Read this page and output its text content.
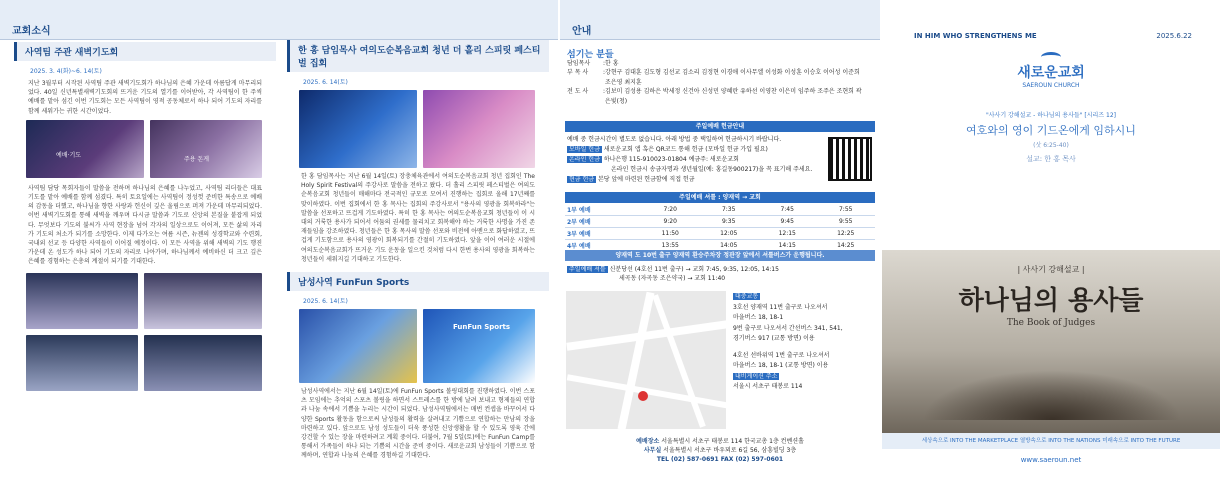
교회소식	안내
사역팀 주관 새벽기도회
2025. 3. 4(화)~6. 14(토)
지난 3월부터 시작된 사역팀 주관 새벽기도회가 하나님의 은혜 가운데 아름답게 마무리되었다. 40일 신년특별새벽기도회의 뜨거운 기도의 열기를 이어받아, 각 사역팀이 한 주씩 예배를 맡아 섬긴 이번 기도회는 모든 사역팀이 영적 공동체로서 하나 되어 기도의 자리를 함께 세워가는 귀한 시간이었다.
예배·기도
주용 돈게
사역팀 담당 목회자들이 말씀을 전하며 하나님의 은혜를 나누었고, 사역팀 리더들은 대표기도를 맡아 예배를 함께 섬겼다. 특히 토요일에는 사역팀이 정성껏 준비한 특송으로 예배의 감동을 더했고, 하나님을 향한 사랑과 헌신이 깊은 울림으로 퍼져 가운데 마무리되었다. 이번 새벽기도회를 통해 새벽을 깨우며 다시금 말씀과 기도로 신앙의 본질을 붙잡게 되었다. 무엇보다 기도의 불씨가 사역 현장을 넘어 각자의 일상으로도 이어져, 모든 삶의 자리가 기도의 처소가 되기를 소망한다. 이제 다가오는 여름 시즌, 뉴젠의 성경학교와 수련회, 국내외 선교 등 다양한 사역들이 이어질 예정이다. 이 모든 사역을 위해 새벽의 기도 행진 가운데 온 성도가 하나 되어 기도의 자리로 나아가며, 하나님께서 예비하신 더 크고 깊은 은혜를 경험하는 은총의 계절이 되기를 기대한다.
한 홍 담임목사 여의도순복음교회 청년 더 홀리 스피릿 페스티벌 집회
2025. 6. 14(토)
한 홍 담임목사는 지난 6월 14일(토) 장충체육관에서 여의도순복음교회 청년 집회인 The Holy Spirit Festival의 주강사로 말씀을 전하고 왔다. 더 홀리 스피릿 페스티벌은 여의도순복음교회 청년들이 매해마다 전국적인 규모로 모여서 진행하는 집회로 올해 17년째를 맞이하였다. 이번 집회에서 한 홍 목사는 집회의 주강사로서 "용사의 영광을 회복하라"는 말씀을 선포하고 뜨겁게 기도하였다. 특히 한 홍 목사는 여의도순복음교회 청년들이 이 시대의 거룩한 용사가 되어서 어둠의 권세를 물리치고 회복해야 하는 거룩한 사명을 가진 존재들임을 강조하였다. 청년들은 한 홍 목사의 말씀 선포와 비전에 아멘으로 화답하였고, 뜨겁게 기도함으로 용사의 영광이 회복되기를 간절히 기도하였다. 앞을 이어 여러운 시절에 여의도순복음교회가 뜨거운 기도 운동을 일으킨 것처럼 다시 한번 용사의 영광을 회복하는 청년들이 세워지길 기대하고 기도한다.
남성사역 FunFun Sports
2025. 6. 14(토)
FunFun Sports
남성사역에서는 지난 6월 14일(토)에 FunFun Sports 볼링대회를 진행하였다. 이번 스포츠 모임에는 추억의 스포츠 볼링을 하면서 스트레스를 한 방에 날려 보내고 형제들의 연합과 나눔 속에서 기쁨을 누리는 시간이 되었다. 남성사역팀에서는 매번 컨셉을 바꾸어서 다양한 Sports 활동을 함으로써 남성들의 활력을 살려내고 기쁨으로 연합하는 만남의 장을 마련하고 있다. 앞으로도 남성 성도들이 더욱 풍성한 신앙생활을 할 수 있도록 영육 간에 강건할 수 있는 장을 마련하려고 계획 중이다. 더불어, 7월 5일(토)에는 FunFun Camp를 통해서 가족들이 하나 되는 기쁨의 시간을 준비 중이다. 새로운교회 남성들이 기쁨으로 함께하며, 연합과 나눔의 은혜를 경험하길 기대한다.
섬기는 분들
담임목사	: 한 홍
부 목 사	: 강현구 김대훈 김도형 김선교 김소리 김정현 이경애 이사무엘 이성화 이성훈 이승호 이어성 이준희 조은영 최지훈
전 도 사	: 김보미 김성용 김하은 박세정 신건아 신성민 양혜란 유하선 이영찬 이은미 임주하 조주은 조현희 곽은빛(청)
주일예배 헌금안내
예배 중 헌금시간이 별도로 없습니다. 아래 방법 중 택일하여 헌금하시기 바랍니다.
모바일 헌금 새로운교회 앱 혹은 QR코드 통해 헌금 (모바일 헌금 가입 필요)
온라인 헌금 하나은행 115-910023-01804 예금주: 새로운교회
온라인 헌금시 송금자명과 생년월일(예: 홍길동900217)을 꼭 표기해 주세요.
현금 헌금 본당 앞에 마련된 헌금함에 직접 헌금
주일예배 셔틀 : 양재역 → 교회
1부 예배	7:20	7:35	7:45	7:55
2부 예배	9:20	9:35	9:45	9:55
3부 예배	11:50	12:05	12:15	12:25
4부 예배	13:55	14:05	14:15	14:25
양재역 도 10번 출구 양재역 환승주차장 정관장 앞에서 셔틀버스가 운행됩니다.
주일예배 셔틀 신분당선 (4호선 11번 출구) → 교회 7:45, 9:35, 12:05, 14:15
세곡동 (자곡동 조은약국) → 교회 11:40
대중교통
3호선 양재역 11번 출구로 나오셔서
마을버스 18, 18-1
9번 출구로 나오셔서 간선버스 341, 541,
경기버스 917 (교통 방면) 이용
4호선 선바위역 1번 출구로 나오셔서
마을버스 18, 18-1 (교통 방면) 이용
내비게이션 주소
서울시 서초구 태봉로 114
예배장소 서울특별시 서초구 태봉로 114 한국교총 1층 컨벤션홀
사무실 서울특별시 서초구 바우뫼로 6길 56, 삼흥빌딩 3층
TEL (02) 587-0691 FAX (02) 597-0601
IN HIM WHO STRENGTHENS ME	2025.6.22
새로운교회
SAEROUN CHURCH
"사사기 강해설교 - 하나님의 용사들" [시리즈 12]
여호와의 영이 기드온에게 임하시니
(삿 6:25-40)
설교: 한 홍 목사
| 사사기 강해설교 |
하나님의 용사들
The Book of Judges
세상속으로 INTO THE MARKETPLACE 열방속으로 INTO THE NATIONS 미래속으로 INTO THE FUTURE
www.saeroun.net
